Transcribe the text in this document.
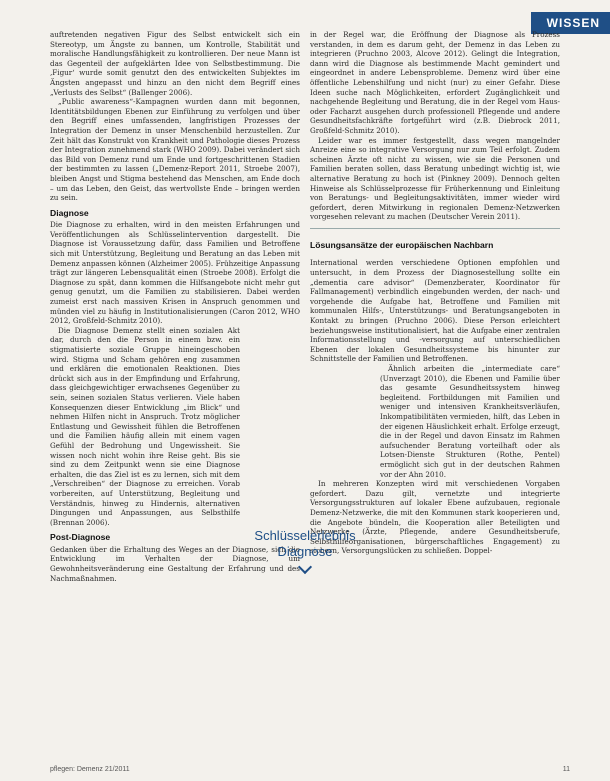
WISSEN

auftretenden negativen Figur des Selbst entwickelt sich ein Stereotyp, um Ängste zu bannen, um Kontrolle, Stabilität und moralische Handlungsfähigkeit zu kontrollieren. Der neue Mann ist das Gegenteil der aufgeklärten Idee von Selbstbestimmung. Die ‚Figur‘ wurde somit genutzt den des entwickelten Subjektes im Ängsten angepasst und hinzu an den nicht dem Begriff eines „Verlusts des Selbst“ (Ballenger 2006).

„Public awareness“-Kampagnen wurden dann mit begonnen, Identitätsbildungen Ebenen zur Einführung zu verfolgen und über den Begriff eines umfassenden, langfristigen Prozesses der Integration der Demenz in unser Menschenbild herzustellen. Zur Zeit hält das Konstrukt von Krankheit und Pathologie dieses Prozess der Integration zunehmend stark (WHO 2009). Dabei verändert sich das Bild von Demenz rund um Ende und fortgeschrittenen Stadien der bestimmten zu lassen („Demenz-Report 2011, Stroebe 2007), bleiben Angst und Stigma bestehend das Menschen, am Ende doch – um das Leben, den Geist, das wertvollste Ende – bringen werden zu sein.

Diagnose

Die Diagnose zu erhalten, wird in den meisten Erfahrungen und Veröffentlichungen als Schlüsselintervention dargestellt. Die Diagnose ist Voraussetzung dafür, dass Familien und Betroffene sich mit Unterstützung, Begleitung und Beratung an das Leben mit Demenz anpassen können (Alzheimer 2005). Frühzeitige Anpassung trägt zur längeren Lebensqualität einen (Stroebe 2008). Erfolgt die Diagnose zu spät, dann kommen die Hilfsangebote nicht mehr gut genug genutzt, um die Familien zu stabilisieren. Dabei werden zumeist erst nach massiven Krisen in Anspruch genommen und münden viel zu häufig in Institutionalisierungen (Caron 2012, WHO 2012, Großfeld-Schmitz 2010).

Die Diagnose Demenz stellt einen sozialen Akt dar, durch den die Person in einem bzw. ein stigmatisierte soziale Gruppe hineingeschoben wird. Stigma und Scham gehören eng zusammen und erklären die emotionalen Reaktionen. Dies drückt sich aus in der Empfindung und Erfahrung, dass gleichgewichtiger erwachsenes Gegenüber zu sein, seinen sozialen Status verlieren. Viele haben Konsequenzen dieser Entwicklung „im Blick“ und nehmen Hilfen nicht in Anspruch. Trotz möglicher Entlastung und Gewissheit fühlen die Betroffenen und die Familien häufig allein mit einem vagen Gefühl der Bedrohung und Ungewissheit. Sie wissen noch nicht wohin ihre Reise geht. Bis sie sind zu dem Zeitpunkt wenn sie eine Diagnose erhalten, die das Ziel ist es zu lernen, sich mit dem „Verschreiben“ der Diagnose zu erreichen. Vorab vorbereiten, auf Unterstützung, Begleitung und Verständnis, hinweg zu Hindernis, alternativen Dingungen und Anpassungen, aus Selbsthilfe (Brennan 2006).

Post-Diagnose

Gedanken über die Erhaltung des Weges an der Diagnose, sich die Entwicklung im Verhalten der Diagnose, um Gewohnheitsveränderung eine Gestaltung der Erfahrung und des Nachmaßnahmen.

in der Regel war, die Eröffnung der Diagnose als Prozess verstanden, in dem es darum geht, der Demenz in das Leben zu integrieren (Pruchno 2003, Alcove 2012). Gelingt die Integration, dann wird die Diagnose als bestimmende Macht gemindert und eingeordnet in andere Lebensprobleme. Demenz wird über eine öffentliche Lebenshilfung und nicht (nur) zu einer Gefahr. Diese Ideen suche nach Möglichkeiten, erfordert Zugänglichkeit und nachgehende Begleitung und Beratung, die in der Regel vom Haus- oder Facharzt ausgehen durch professionell Pflegende und andere Gesundheitsfachkräfte fortgeführt wird (z.B. Diebrock 2011, Großfeld-Schmitz 2010).

Leider war es immer festgestellt, dass wegen mangelnder Anreize eine so integrative Versorgung nur zum Teil erfolgt. Zudem scheinen Ärzte oft nicht zu wissen, wie sie die Personen und Familien beraten sollen, dass Beratung unbedingt wichtig ist, wie alternative Beratung zu hoch ist (Pinkney 2009). Dennoch gelten Hinweise als Schlüsselprozesse für Früherkennung und Einleitung von Beratungs- und Begleitungsaktivitäten, immer wieder wird gefordert, deren Mitwirkung in regionalen Demenz-Netzwerken vorgesehen relevant zu machen (Deutscher Verein 2011).

Lösungsansätze der europäischen Nachbarn

International werden verschiedene Optionen empfohlen und untersucht, in dem Prozess der Diagnosestellung sollte ein „dementia care advisor“ (Demenzberater, Koordinator für Fallmanagement) verbindlich eingebunden werden, der nach- und vorgehende die Aufgabe hat, Betroffene und Familien mit kommunalen Hilfs-, Unterstützungs- und Beratungsangeboten in Kontakt zu bringen (Pruchno 2006). Diese Person erleichtert beziehungsweise institutionalisiert, hat die Aufgabe einer zentralen Informationsstellung und -versorgung auf unterschiedlichen Ebenen der lokalen Gesundheitssysteme bis hinunter zur Schnittstelle der Familien und Betroffenen.

Ähnlich arbeiten die „intermediate care“ (Unverzagt 2010), die Ebenen und Familie über das gesamte Gesundheitssystem hinweg begleitend. Fortbildungen mit Familien und weniger und intensiven Krankheitsverläufen, Inkompatibilitäten vermieden, hilft, das Leben in der eigenen Häuslichkeit erhalt. Erfolge erzeugt, die in der Regel und davon Einsatz im Rahmen aufsuchender Beratung vorteilhaft oder als Lotsen-Dienste Strukturen (Rothe, Pentel) ermöglicht sich gut in der deutschen Rahmen vor der Ahn 2010.

In mehreren Konzepten wird mit verschiedenen Vorgaben gefordert. Dazu gilt, vernetzte und integrierte Versorgungsstrukturen auf lokaler Ebene aufzubauen, regionale Demenz-Netzwerke, die mit den Kommunen stark kooperieren und, die Angebote bündeln, die Kooperation aller Beteiligten und Netzwerke (Ärzte, Pflegende, andere Gesundheitsberufe, Selbsthilfeorganisationen, bürgerschaftliches Engagement) zu sichern, Versorgungslücken zu schließen. Doppel-

Schlüsselerlebnis Diagnose
pflegen: Demenz 21/2011	11
